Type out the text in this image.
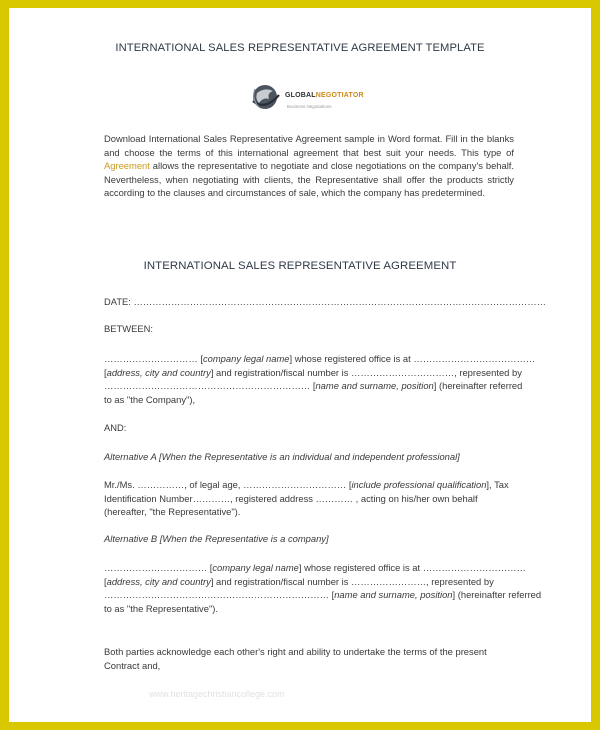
INTERNATIONAL SALES REPRESENTATIVE AGREEMENT TEMPLATE
GLOBALNEGOTIATOR
Business Negotiations
Download International Sales Representative Agreement sample in Word format. Fill in the blanks and choose the terms of this international agreement that best suit your needs. This type of Agreement allows the representative to negotiate and close negotiations on the company's behalf. Nevertheless, when negotiating with clients, the Representative shall offer the products strictly according to the clauses and circumstances of sale, which the company has predetermined.
INTERNATIONAL SALES REPRESENTATIVE AGREEMENT
DATE: ……………………………………………………………………………………………………………………
BETWEEN:
………………………… [company legal name] whose registered office is at …………………………………
[address, city and country] and registration/fiscal number is ……………………………, represented by
………………………………………………………… [name and surname, position] (hereinafter referred
to as "the Company"),
AND:
Alternative A [When the Representative is an individual and independent professional]
Mr./Ms. ……………, of legal age, …………………………… [include professional qualification], Tax
Identification Number…………, registered address ………… , acting on his/her own behalf
(hereafter, "the Representative").
Alternative B [When the Representative is a company]
…………………………… [company legal name] whose registered office is at ……………………………
[address, city and country] and registration/fiscal number is ……………………, represented by
……………………………………………………………… [name and surname, position] (hereinafter referred
to as "the Representative").
Both parties acknowledge each other's right and ability to undertake the terms of the present
Contract and,
www.heritagechristiancollege.com
